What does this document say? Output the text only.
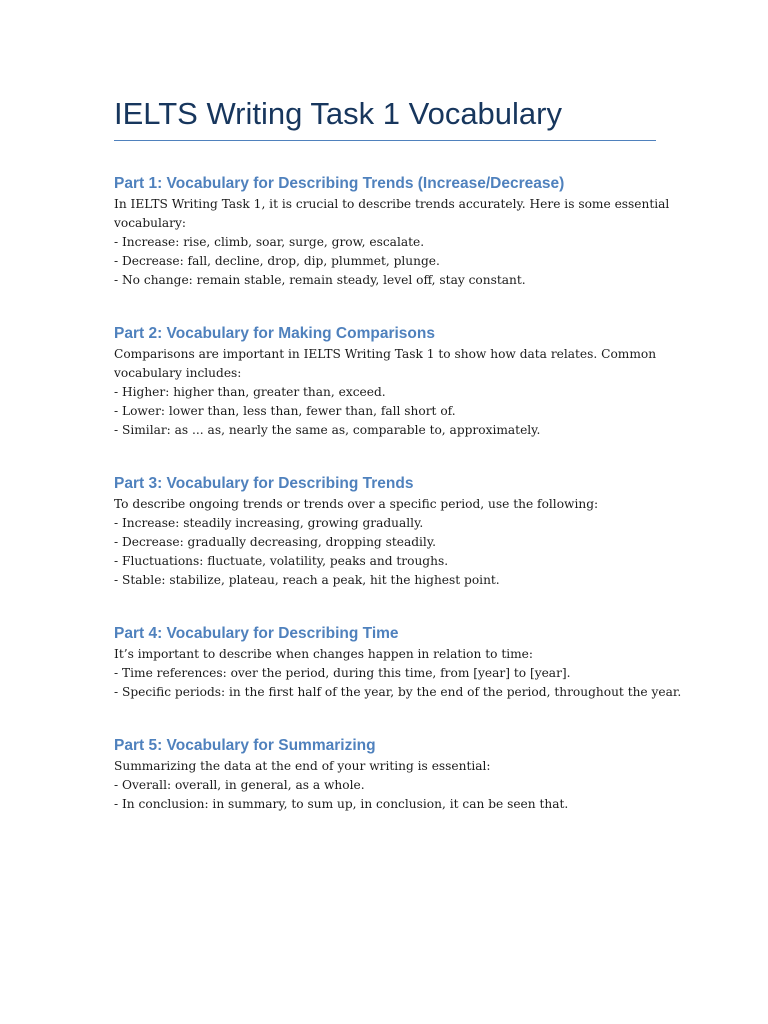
IELTS Writing Task 1 Vocabulary
Part 1: Vocabulary for Describing Trends (Increase/Decrease)

In IELTS Writing Task 1, it is crucial to describe trends accurately. Here is some essential
vocabulary:
- Increase: rise, climb, soar, surge, grow, escalate.
- Decrease: fall, decline, drop, dip, plummet, plunge.
- No change: remain stable, remain steady, level off, stay constant.

Part 2: Vocabulary for Making Comparisons

Comparisons are important in IELTS Writing Task 1 to show how data relates. Common
vocabulary includes:
- Higher: higher than, greater than, exceed.
- Lower: lower than, less than, fewer than, fall short of.
- Similar: as ... as, nearly the same as, comparable to, approximately.

Part 3: Vocabulary for Describing Trends

To describe ongoing trends or trends over a specific period, use the following:
- Increase: steadily increasing, growing gradually.
- Decrease: gradually decreasing, dropping steadily.
- Fluctuations: fluctuate, volatility, peaks and troughs.
- Stable: stabilize, plateau, reach a peak, hit the highest point.

Part 4: Vocabulary for Describing Time

It’s important to describe when changes happen in relation to time:
- Time references: over the period, during this time, from [year] to [year].
- Specific periods: in the first half of the year, by the end of the period, throughout the year.

Part 5: Vocabulary for Summarizing

Summarizing the data at the end of your writing is essential:
- Overall: overall, in general, as a whole.
- In conclusion: in summary, to sum up, in conclusion, it can be seen that.
